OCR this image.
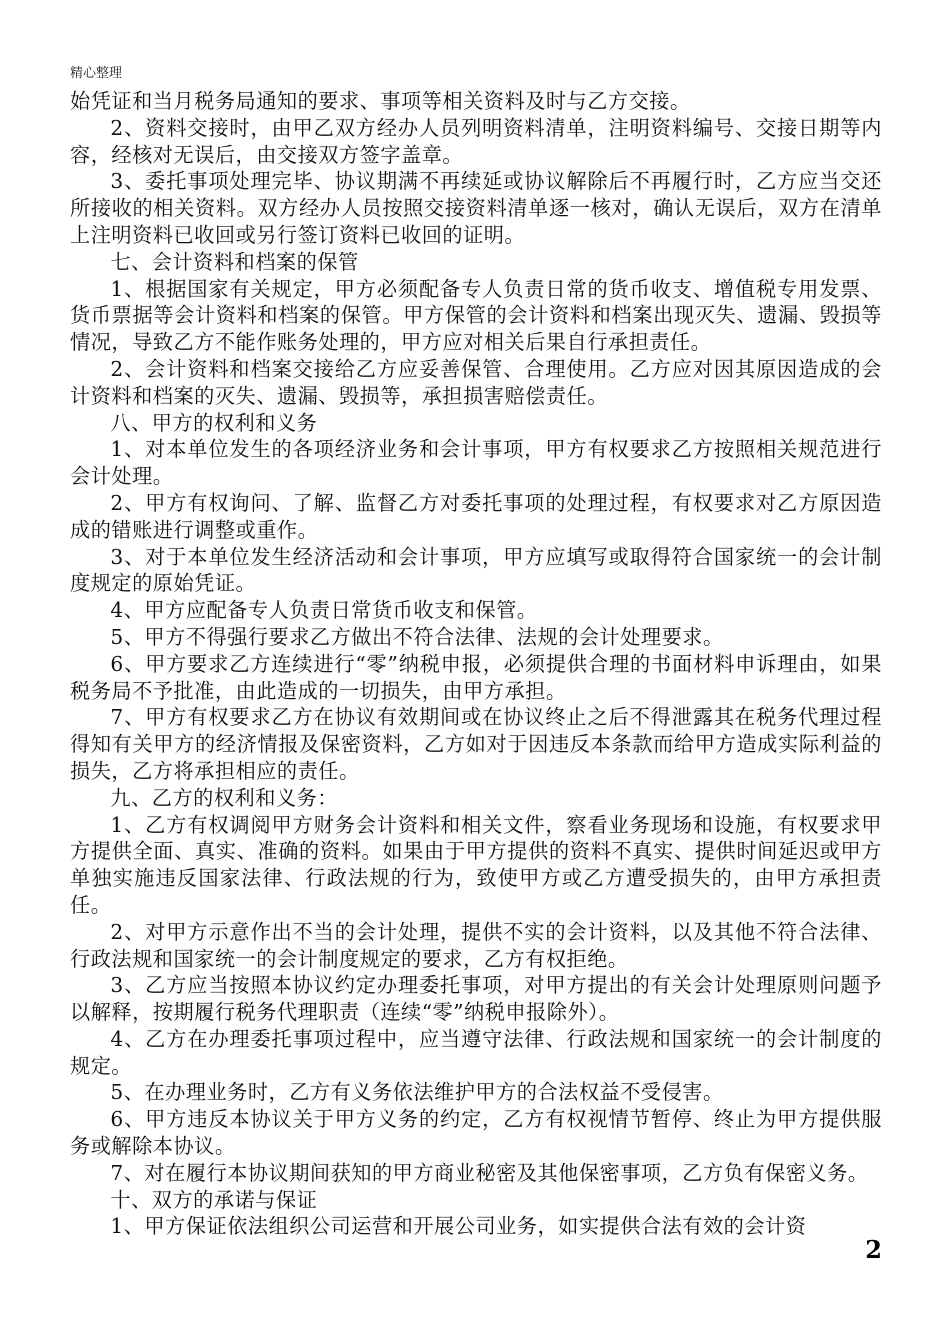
精心整理

始凭证和当月税务局通知的要求、事项等相关资料及时与乙方交接。

2、资料交接时，由甲乙双方经办人员列明资料清单，注明资料编号、交接日期等内容，经核对无误后，由交接双方签字盖章。

3、委托事项处理完毕、协议期满不再续延或协议解除后不再履行时，乙方应当交还所接收的相关资料。双方经办人员按照交接资料清单逐一核对，确认无误后，双方在清单上注明资料已收回或另行签订资料已收回的证明。

七、会计资料和档案的保管

1、根据国家有关规定，甲方必须配备专人负责日常的货币收支、增值税专用发票、货币票据等会计资料和档案的保管。甲方保管的会计资料和档案出现灭失、遗漏、毁损等情况，导致乙方不能作账务处理的，甲方应对相关后果自行承担责任。

2、会计资料和档案交接给乙方应妥善保管、合理使用。乙方应对因其原因造成的会计资料和档案的灭失、遗漏、毁损等，承担损害赔偿责任。

八、甲方的权利和义务

1、对本单位发生的各项经济业务和会计事项，甲方有权要求乙方按照相关规范进行会计处理。

2、甲方有权询问、了解、监督乙方对委托事项的处理过程，有权要求对乙方原因造成的错账进行调整或重作。

3、对于本单位发生经济活动和会计事项，甲方应填写或取得符合国家统一的会计制度规定的原始凭证。

4、甲方应配备专人负责日常货币收支和保管。

5、甲方不得强行要求乙方做出不符合法律、法规的会计处理要求。

6、甲方要求乙方连续进行“零”纳税申报，必须提供合理的书面材料申诉理由，如果税务局不予批准，由此造成的一切损失，由甲方承担。

7、甲方有权要求乙方在协议有效期间或在协议终止之后不得泄露其在税务代理过程得知有关甲方的经济情报及保密资料，乙方如对于因违反本条款而给甲方造成实际利益的损失，乙方将承担相应的责任。

九、乙方的权利和义务：

1、乙方有权调阅甲方财务会计资料和相关文件，察看业务现场和设施，有权要求甲方提供全面、真实、准确的资料。如果由于甲方提供的资料不真实、提供时间延迟或甲方单独实施违反国家法律、行政法规的行为，致使甲方或乙方遭受损失的，由甲方承担责任。

2、对甲方示意作出不当的会计处理，提供不实的会计资料，以及其他不符合法律、行政法规和国家统一的会计制度规定的要求，乙方有权拒绝。

3、乙方应当按照本协议约定办理委托事项，对甲方提出的有关会计处理原则问题予以解释，按期履行税务代理职责（连续“零”纳税申报除外）。

4、乙方在办理委托事项过程中，应当遵守法律、行政法规和国家统一的会计制度的规定。

5、在办理业务时，乙方有义务依法维护甲方的合法权益不受侵害。

6、甲方违反本协议关于甲方义务的约定，乙方有权视情节暂停、终止为甲方提供服务或解除本协议。

7、对在履行本协议期间获知的甲方商业秘密及其他保密事项，乙方负有保密义务。

十、双方的承诺与保证

1、甲方保证依法组织公司运营和开展公司业务，如实提供合法有效的会计资

2
